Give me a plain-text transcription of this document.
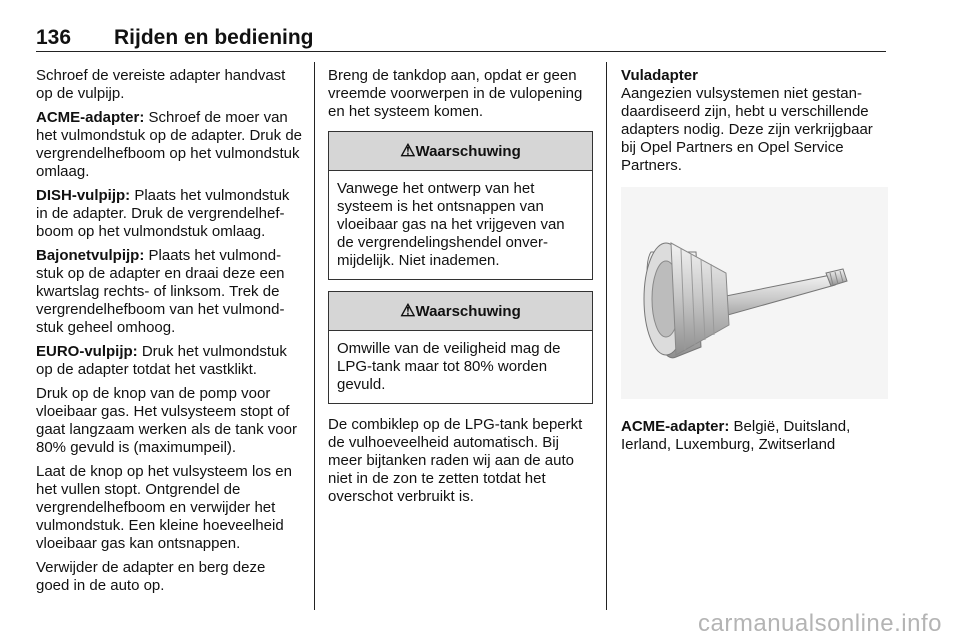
136 Rijden en bediening

Schroef de vereiste adapter handvast op de vulpijp.

ACME-adapter: Schroef de moer van het vulmondstuk op de adapter. Druk de vergrendelhefboom op het vulmondstuk omlaag.

DISH-vulpijp: Plaats het vulmondstuk in de adapter. Druk de vergrendelhefboom op het vulmondstuk omlaag.

Bajonetvulpijp: Plaats het vulmondstuk op de adapter en draai deze een kwartslag rechts- of linksom. Trek de vergrendelhefboom van het vulmondstuk geheel omhoog.

EURO-vulpijp: Druk het vulmondstuk op de adapter totdat het vastklikt.

Druk op de knop van de pomp voor vloeibaar gas. Het vulsysteem stopt of gaat langzaam werken als de tank voor 80% gevuld is (maximumpeil).

Laat de knop op het vulsysteem los en het vullen stopt. Ontgrendel de vergrendelhefboom en verwijder het vulmondstuk. Een kleine hoeveelheid vloeibaar gas kan ontsnappen.

Verwijder de adapter en berg deze goed in de auto op.

Breng de tankdop aan, opdat er geen vreemde voorwerpen in de vulopening en het systeem komen.

⚠Waarschuwing
Vanwege het ontwerp van het systeem is het ontsnappen van vloeibaar gas na het vrijgeven van de vergrendelingshendel onvermijdelijk. Niet inademen.
⚠Waarschuwing
Omwille van de veiligheid mag de LPG-tank maar tot 80% worden gevuld.

De combiklep op de LPG-tank beperkt de vulhoeveelheid automatisch. Bij meer bijtanken raden wij aan de auto niet in de zon te zetten totdat het overschot verbruikt is.

Vuladapter

Aangezien vulsystemen niet gestandaardiseerd zijn, hebt u verschillende adapters nodig. Deze zijn verkrijgbaar bij Opel Partners en Opel Service Partners.

ACME-adapter: België, Duitsland, Ierland, Luxemburg, Zwitserland

carmanualsonline.info
